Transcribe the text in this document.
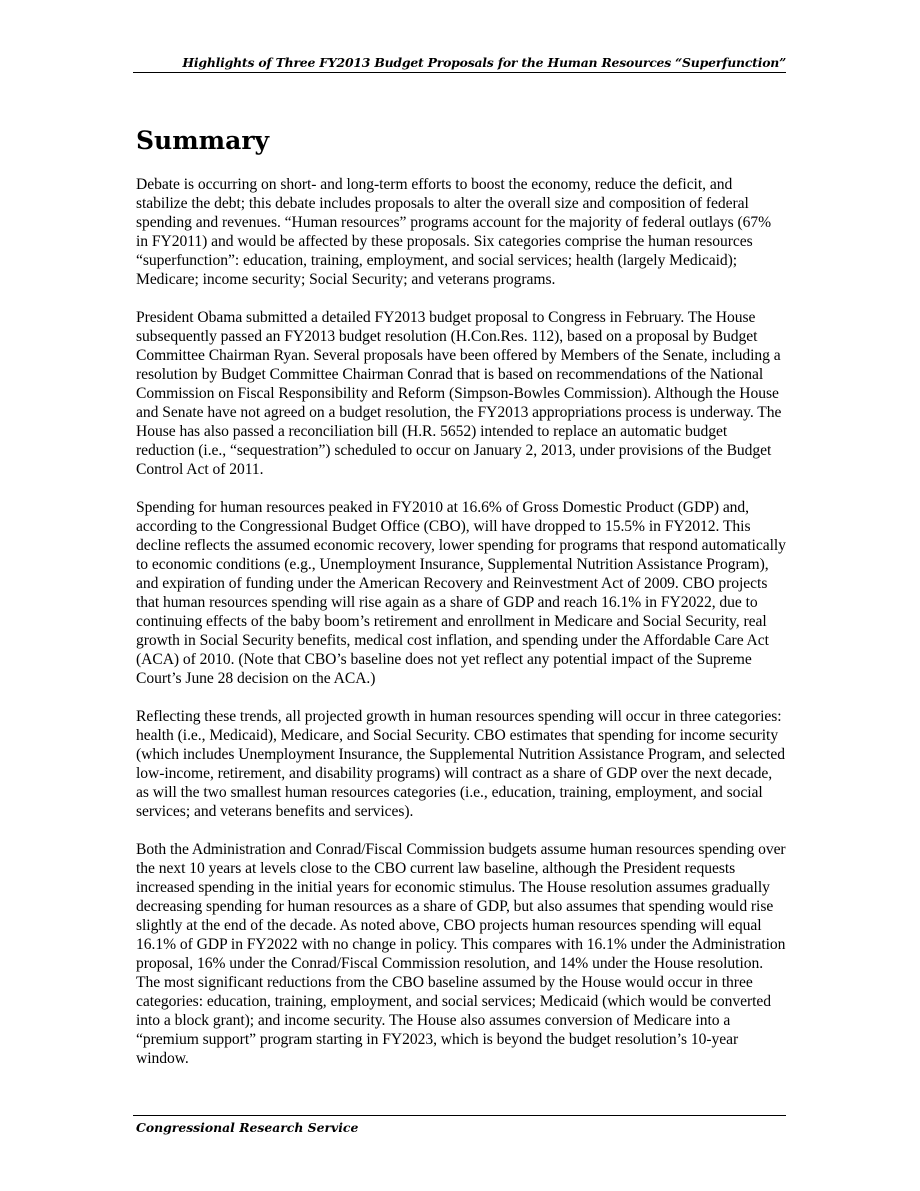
Highlights of Three FY2013 Budget Proposals for the Human Resources “Superfunction”
Summary

Debate is occurring on short- and long-term efforts to boost the economy, reduce the deficit, and stabilize the debt; this debate includes proposals to alter the overall size and composition of federal spending and revenues. “Human resources” programs account for the majority of federal outlays (67% in FY2011) and would be affected by these proposals. Six categories comprise the human resources “superfunction”: education, training, employment, and social services; health (largely Medicaid); Medicare; income security; Social Security; and veterans programs.

President Obama submitted a detailed FY2013 budget proposal to Congress in February. The House subsequently passed an FY2013 budget resolution (H.Con.Res. 112), based on a proposal by Budget Committee Chairman Ryan. Several proposals have been offered by Members of the Senate, including a resolution by Budget Committee Chairman Conrad that is based on recommendations of the National Commission on Fiscal Responsibility and Reform (Simpson-Bowles Commission). Although the House and Senate have not agreed on a budget resolution, the FY2013 appropriations process is underway. The House has also passed a reconciliation bill (H.R. 5652) intended to replace an automatic budget reduction (i.e., “sequestration”) scheduled to occur on January 2, 2013, under provisions of the Budget Control Act of 2011.

Spending for human resources peaked in FY2010 at 16.6% of Gross Domestic Product (GDP) and, according to the Congressional Budget Office (CBO), will have dropped to 15.5% in FY2012. This decline reflects the assumed economic recovery, lower spending for programs that respond automatically to economic conditions (e.g., Unemployment Insurance, Supplemental Nutrition Assistance Program), and expiration of funding under the American Recovery and Reinvestment Act of 2009. CBO projects that human resources spending will rise again as a share of GDP and reach 16.1% in FY2022, due to continuing effects of the baby boom’s retirement and enrollment in Medicare and Social Security, real growth in Social Security benefits, medical cost inflation, and spending under the Affordable Care Act (ACA) of 2010. (Note that CBO’s baseline does not yet reflect any potential impact of the Supreme Court’s June 28 decision on the ACA.)

Reflecting these trends, all projected growth in human resources spending will occur in three categories: health (i.e., Medicaid), Medicare, and Social Security. CBO estimates that spending for income security (which includes Unemployment Insurance, the Supplemental Nutrition Assistance Program, and selected low-income, retirement, and disability programs) will contract as a share of GDP over the next decade, as will the two smallest human resources categories (i.e., education, training, employment, and social services; and veterans benefits and services).

Both the Administration and Conrad/Fiscal Commission budgets assume human resources spending over the next 10 years at levels close to the CBO current law baseline, although the President requests increased spending in the initial years for economic stimulus. The House resolution assumes gradually decreasing spending for human resources as a share of GDP, but also assumes that spending would rise slightly at the end of the decade. As noted above, CBO projects human resources spending will equal 16.1% of GDP in FY2022 with no change in policy. This compares with 16.1% under the Administration proposal, 16% under the Conrad/Fiscal Commission resolution, and 14% under the House resolution. The most significant reductions from the CBO baseline assumed by the House would occur in three categories: education, training, employment, and social services; Medicaid (which would be converted into a block grant); and income security. The House also assumes conversion of Medicare into a “premium support” program starting in FY2023, which is beyond the budget resolution’s 10-year window.

Congressional Research Service
